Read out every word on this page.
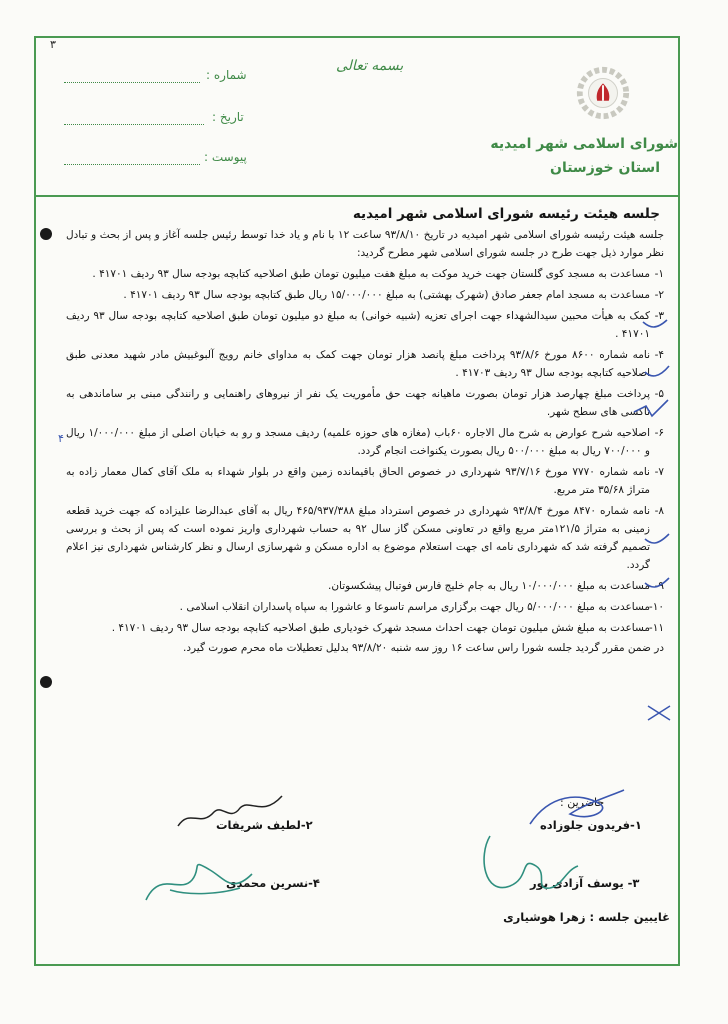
۳
شماره :
تاریخ :
پیوست :
بسمه تعالی
شورای اسلامی شهر امیدیه
استان خوزستان
جلسه هیئت رئیسه شورای اسلامی شهر امیدیه
جلسه هیئت رئیسه شورای اسلامی شهر امیدیه در تاریخ ۹۳/۸/۱۰ ساعت ۱۲ با نام و یاد خدا توسط رئیس جلسه آغاز و پس از بحث و تبادل نظر موارد ذیل جهت طرح در جلسه شورای اسلامی شهر مطرح گردید:
۱-
مساعدت به مسجد کوی گلستان جهت خرید موکت به مبلغ هفت میلیون تومان طبق اصلاحیه کتابچه بودجه سال ۹۳ ردیف ۴۱۷۰۱ .
۲-
مساعدت به مسجد امام جعفر صادق (شهرک بهشتی) به مبلغ ۱۵/۰۰۰/۰۰۰ ریال طبق کتابچه بودجه سال ۹۳ ردیف ۴۱۷۰۱ .
۳-
کمک به هیأت محبین سیدالشهداء جهت اجرای تعزیه (شبیه خوانی) به مبلغ دو میلیون تومان طبق اصلاحیه کتابچه بودجه سال ۹۳ ردیف ۴۱۷۰۱ .
۴-
نامه شماره ۸۶۰۰ مورخ ۹۳/۸/۶ پرداخت مبلغ پانصد هزار تومان جهت کمک به مداوای خانم رویج آلبوغبیش مادر شهید معدنی طبق اصلاحیه کتابچه بودجه سال ۹۳ ردیف ۴۱۷۰۳ .
۵-
پرداخت مبلغ چهارصد هزار تومان بصورت ماهیانه جهت حق مأموریت یک نفر از نیروهای راهنمایی و رانندگی مبنی بر ساماندهی به تاکسی های سطح شهر.
۶-
اصلاحیه شرح عوارض به شرح مال الاجاره ۶۰باب (مغازه های حوزه علمیه) ردیف مسجد و رو به خیابان اصلی از مبلغ ۱/۰۰۰/۰۰۰ ریال و ۷۰۰/۰۰۰ ریال به مبلغ ۵۰۰/۰۰۰ ریال بصورت یکنواخت انجام گردد.
۷-
نامه شماره ۷۷۷۰ مورخ ۹۳/۷/۱۶ شهرداری در خصوص الحاق باقیمانده زمین واقع در بلوار شهداء به ملک آقای کمال معمار زاده به متراژ ۳۵/۶۸ متر مربع.
۸-
نامه شماره ۸۴۷۰ مورخ ۹۳/۸/۴ شهرداری در خصوص استرداد مبلغ ۴۶۵/۹۳۷/۳۸۸ ریال به آقای عبدالرضا علیزاده که جهت خرید قطعه زمینی به متراژ ۱۲۱/۵متر مربع واقع در تعاونی مسکن گاز سال ۹۲ به حساب شهرداری واریز نموده است که پس از بحث و بررسی تصمیم گرفته شد که شهرداری نامه ای جهت استعلام موضوع به اداره مسکن و شهرسازی ارسال و نظر کارشناس شهرداری نیز اعلام گردد.
۹-
مساعدت به مبلغ ۱۰/۰۰۰/۰۰۰ ریال به جام خلیج فارس فوتبال پیشکسوتان.
۱۰-
مساعدت به مبلغ ۵/۰۰۰/۰۰۰ ریال جهت برگزاری مراسم تاسوعا و عاشورا به سپاه پاسداران انقلاب اسلامی .
۱۱-
مساعدت به مبلغ شش میلیون تومان جهت احداث مسجد شهرک خودیاری طبق اصلاحیه کتابچه بودجه سال ۹۳ ردیف ۴۱۷۰۱ .
در ضمن مقرر گردید جلسه شورا راس ساعت ۱۶ روز سه شنبه ۹۳/۸/۲۰ بدلیل تعطیلات ماه محرم صورت گیرد.
۴
حاضرین :
۱-فریدون جلوزاده
۲-لطیف شریفات
۳- یوسف آزادی پور
۴-نسرین محمدی
غایبین جلسه : زهرا هوشیاری
